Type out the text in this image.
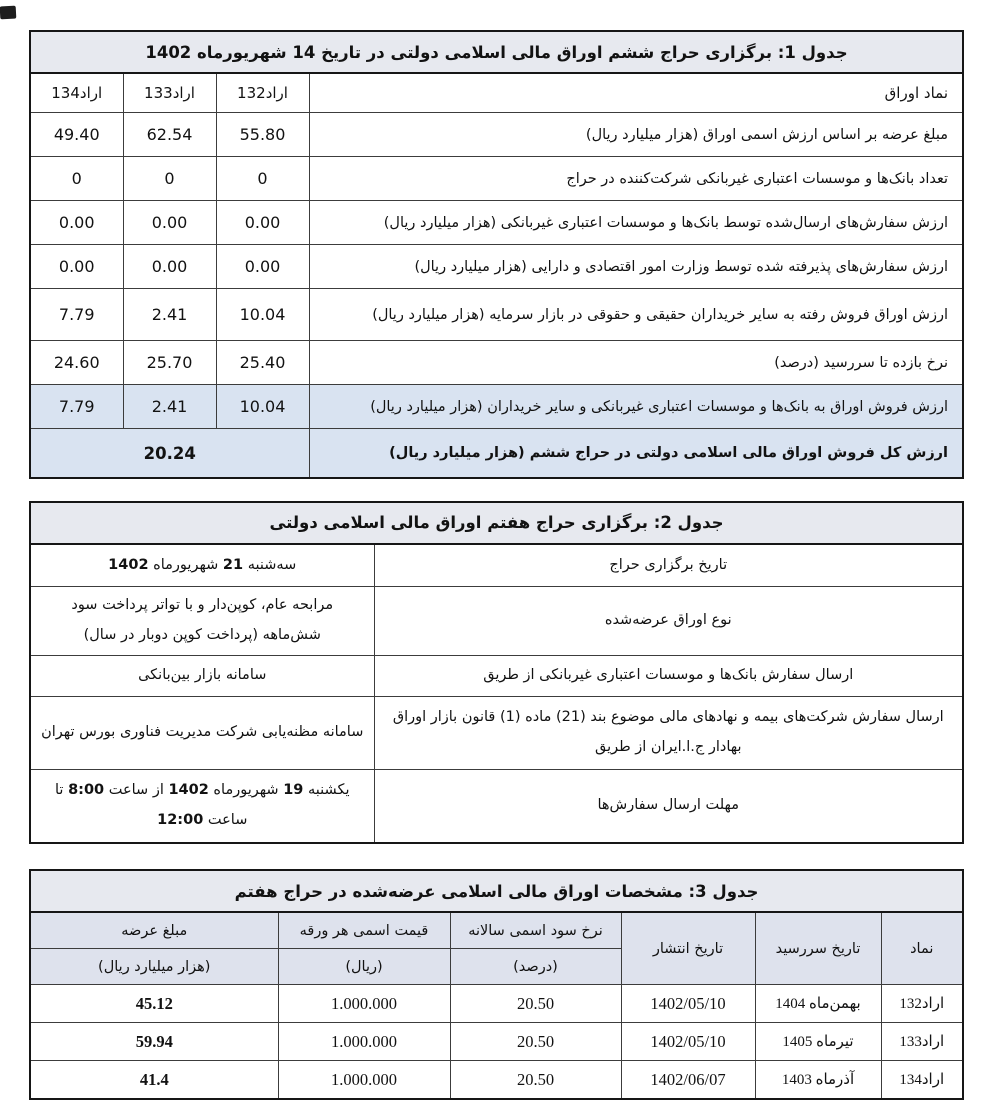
جدول 1: برگزاری حراج ششم اوراق مالی اسلامی دولتی در تاریخ 14 شهریورماه 1402			
نماد اوراق	اراد132	اراد133	اراد134
مبلغ عرضه بر اساس ارزش اسمی اوراق (هزار میلیارد ریال)	55.80	62.54	49.40
تعداد بانک‌ها و موسسات اعتباری غیربانکی شرکت‌کننده در حراج	0	0	0
ارزش سفارش‌های ارسال‌شده توسط بانک‌ها و موسسات اعتباری غیربانکی (هزار میلیارد ریال)	0.00	0.00	0.00
ارزش سفارش‌های پذیرفته شده توسط وزارت امور اقتصادی و دارایی (هزار میلیارد ریال)	0.00	0.00	0.00
ارزش اوراق فروش رفته به سایر خریداران حقیقی و حقوقی در بازار سرمایه (هزار میلیارد ریال)	10.04	2.41	7.79
نرخ بازده تا سررسید (درصد)	25.40	25.70	24.60
ارزش فروش اوراق به بانک‌ها و موسسات اعتباری غیربانکی و سایر خریداران (هزار میلیارد ریال)	10.04	2.41	7.79
ارزش کل فروش اوراق مالی اسلامی دولتی در حراج ششم (هزار میلیارد ریال)	20.24		
جدول 2: برگزاری حراج هفتم اوراق مالی اسلامی دولتی	
تاریخ برگزاری حراج	سه‌شنبه 21 شهریورماه 1402
نوع اوراق عرضه‌شده	مرابحه عام، کوپن‌دار و با تواتر پرداخت سود شش‌ماهه (پرداخت کوپن دوبار در سال)
ارسال سفارش بانک‌ها و موسسات اعتباری غیربانکی از طریق	سامانه بازار بین‌بانکی
ارسال سفارش شرکت‌های بیمه و نهادهای مالی موضوع بند (21) ماده (1) قانون بازار اوراق بهادار ج.ا.ایران از طریق	سامانه مظنه‌یابی شرکت مدیریت فناوری بورس تهران
مهلت ارسال سفارش‌ها	یکشنبه 19 شهریورماه 1402 از ساعت 8:00 تا ساعت 12:00
جدول 3: مشخصات اوراق مالی اسلامی عرضه‌شده در حراج هفتم					
نماد	تاریخ سررسید	تاریخ انتشار	نرخ سود اسمی سالانه	قیمت اسمی هر ورقه	مبلغ عرضه
			(درصد)	(ریال)	(هزار میلیارد ریال)
اراد132	بهمن‌ماه 1404	1402/05/10	20.50	1.000.000	45.12
اراد133	تیرماه 1405	1402/05/10	20.50	1.000.000	59.94
اراد134	آذرماه 1403	1402/06/07	20.50	1.000.000	41.4
